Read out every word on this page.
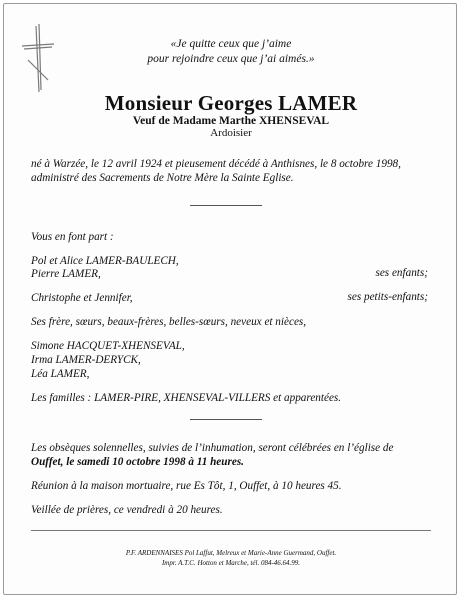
«Je quitte ceux que j’aime
pour rejoindre ceux que j’ai aimés.»
Monsieur Georges LAMER
Veuf de Madame Marthe XHENSEVAL
Ardoisier
né à Warzée, le 12 avril 1924 et pieusement décédé à Anthisnes, le 8 octobre 1998,
administré des Sacrements de Notre Mère la Sainte Eglise.
Vous en font part :
Pol et Alice LAMER-BAULECH,
Pierre LAMER,	ses enfants;
Christophe et Jennifer,	ses petits-enfants;
Ses frère, sœurs, beaux-frères, belles-sœurs, neveux et nièces,
Simone HACQUET-XHENSEVAL,
Irma LAMER-DERYCK,
Léa LAMER,
Les familles : LAMER-PIRE, XHENSEVAL-VILLERS et apparentées.
Les obsèques solennelles, suivies de l’inhumation, seront célébrées en l’église de
Ouffet, le samedi 10 octobre 1998 à 11 heures.
Réunion à la maison mortuaire, rue Es Tôt, 1, Ouffet, à 10 heures 45.
Veillée de prières, ce vendredi à 20 heures.
P.F. ARDENNAISES Pol Laffut, Melreux et Marie-Anne Guermand, Ouffet.
Impr. A.T.C. Hotton et Marche, tél. 084-46.64.99.
